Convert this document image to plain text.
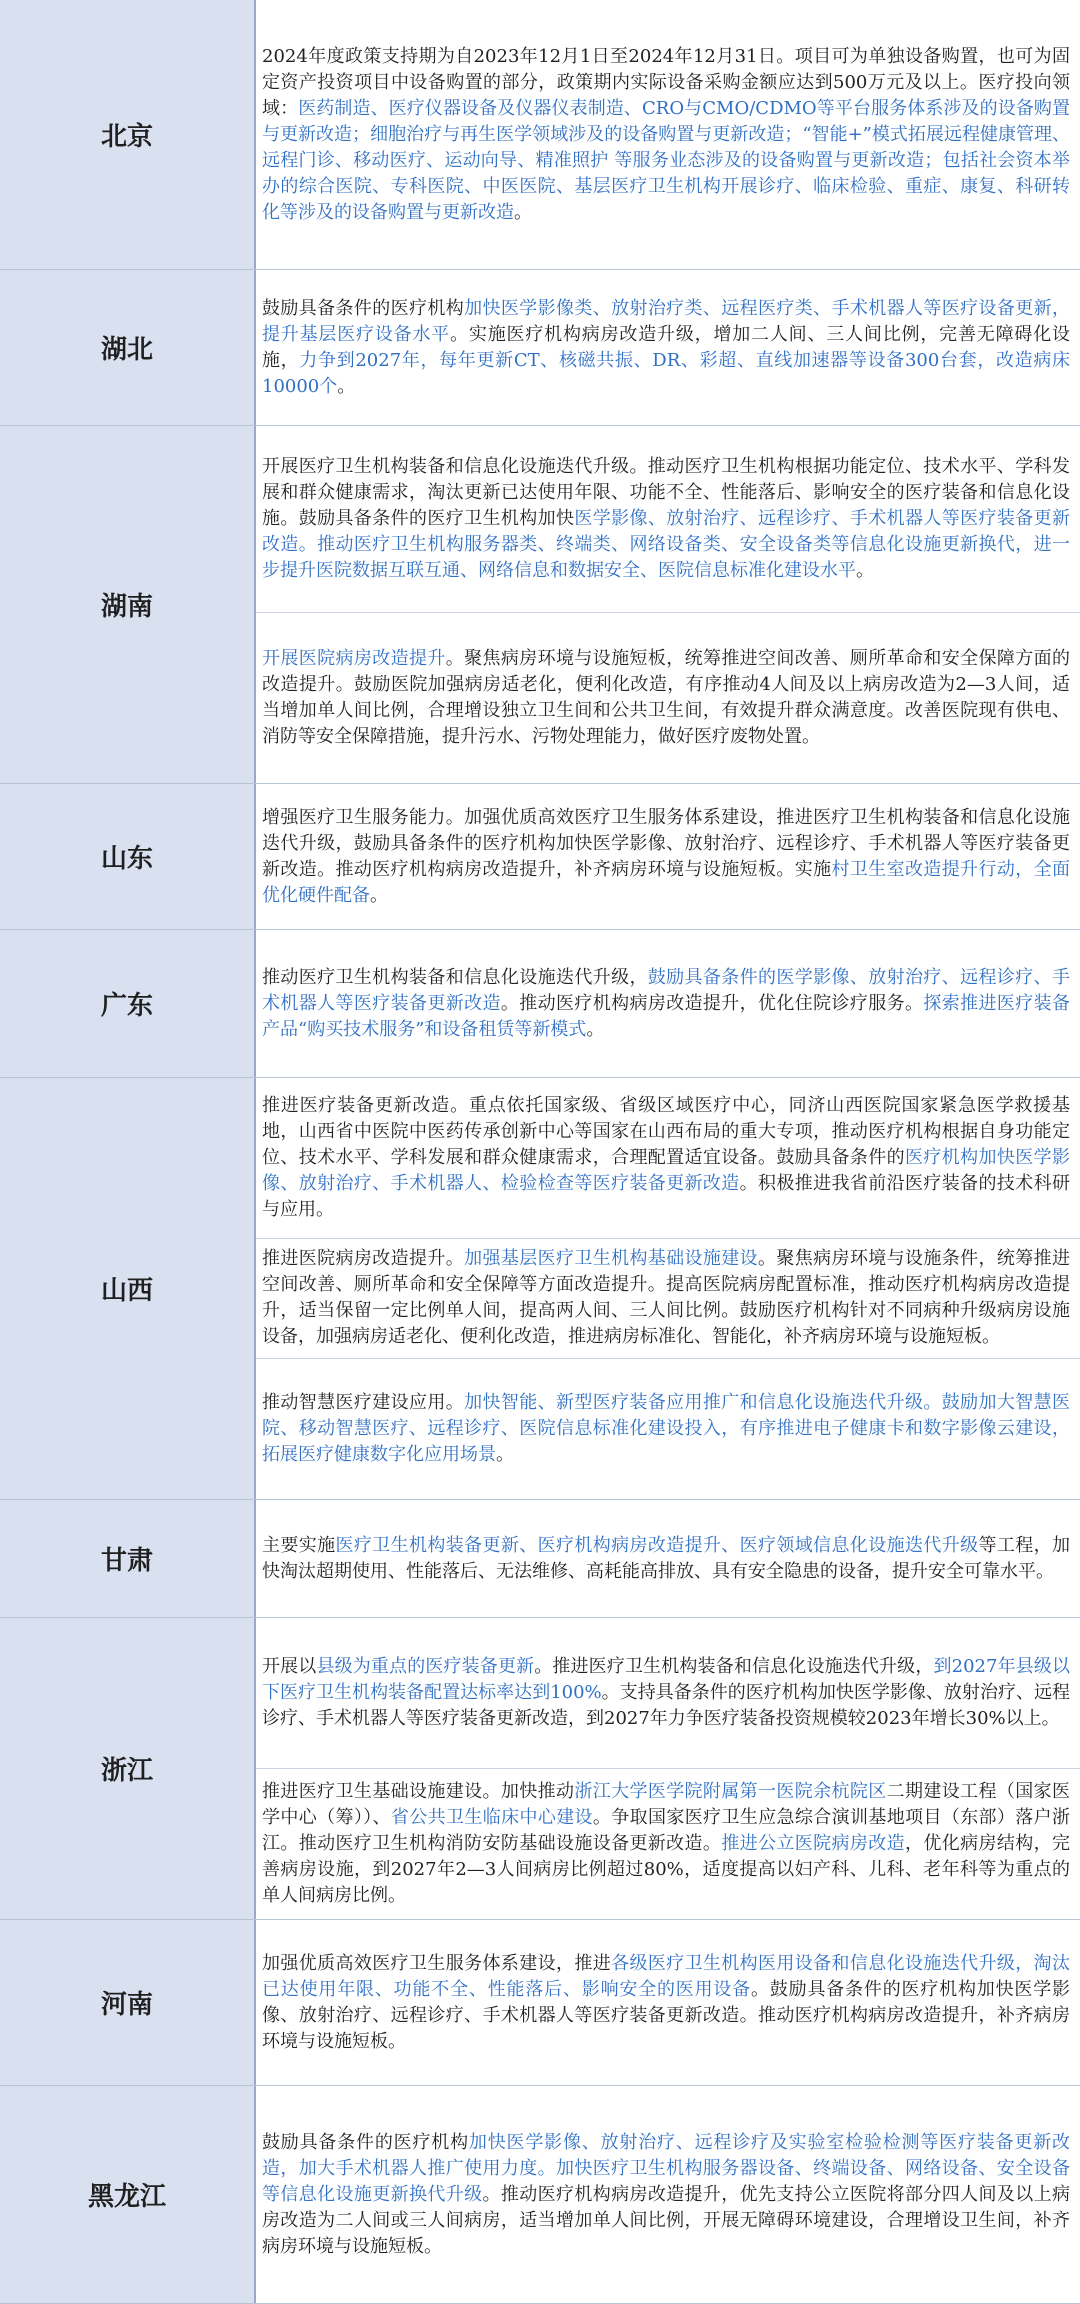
北京
2024年度政策支持期为自2023年12月1日至2024年12月31日。项目可为单独设备购置，也可为固定资产投资项目中设备购置的部分，政策期内实际设备采购金额应达到500万元及以上。医疗投向领域：医药制造、医疗仪器设备及仪器仪表制造、CRO与CMO/CDMO等平台服务体系涉及的设备购置与更新改造；细胞治疗与再生医学领域涉及的设备购置与更新改造；“智能+”模式拓展远程健康管理、远程门诊、移动医疗、运动向导、精准照护 等服务业态涉及的设备购置与更新改造；包括社会资本举办的综合医院、专科医院、中医医院、基层医疗卫生机构开展诊疗、临床检验、重症、康复、科研转化等涉及的设备购置与更新改造。
湖北
鼓励具备条件的医疗机构加快医学影像类、放射治疗类、远程医疗类、手术机器人等医疗设备更新，提升基层医疗设备水平。实施医疗机构病房改造升级，增加二人间、三人间比例，完善无障碍化设施，力争到2027年，每年更新CT、核磁共振、DR、彩超、直线加速器等设备300台套，改造病床10000个。
湖南
开展医疗卫生机构装备和信息化设施迭代升级。推动医疗卫生机构根据功能定位、技术水平、学科发展和群众健康需求，淘汰更新已达使用年限、功能不全、性能落后、影响安全的医疗装备和信息化设施。鼓励具备条件的医疗卫生机构加快医学影像、放射治疗、远程诊疗、手术机器人等医疗装备更新改造。推动医疗卫生机构服务器类、终端类、网络设备类、安全设备类等信息化设施更新换代，进一步提升医院数据互联互通、网络信息和数据安全、医院信息标准化建设水平。
开展医院病房改造提升。聚焦病房环境与设施短板，统筹推进空间改善、厕所革命和安全保障方面的改造提升。鼓励医院加强病房适老化，便利化改造，有序推动4人间及以上病房改造为2—3人间，适当增加单人间比例，合理增设独立卫生间和公共卫生间，有效提升群众满意度。改善医院现有供电、消防等安全保障措施，提升污水、污物处理能力，做好医疗废物处置。
山东
增强医疗卫生服务能力。加强优质高效医疗卫生服务体系建设，推进医疗卫生机构装备和信息化设施迭代升级，鼓励具备条件的医疗机构加快医学影像、放射治疗、远程诊疗、手术机器人等医疗装备更新改造。推动医疗机构病房改造提升，补齐病房环境与设施短板。实施村卫生室改造提升行动，全面优化硬件配备。
广东
推动医疗卫生机构装备和信息化设施迭代升级，鼓励具备条件的医学影像、放射治疗、远程诊疗、手术机器人等医疗装备更新改造。推动医疗机构病房改造提升，优化住院诊疗服务。探索推进医疗装备产品“购买技术服务”和设备租赁等新模式。
山西
推进医疗装备更新改造。重点依托国家级、省级区域医疗中心，同济山西医院国家紧急医学救援基地，山西省中医院中医药传承创新中心等国家在山西布局的重大专项，推动医疗机构根据自身功能定位、技术水平、学科发展和群众健康需求，合理配置适宜设备。鼓励具备条件的医疗机构加快医学影像、放射治疗、手术机器人、检验检查等医疗装备更新改造。积极推进我省前沿医疗装备的技术科研与应用。
推进医院病房改造提升。加强基层医疗卫生机构基础设施建设。聚焦病房环境与设施条件，统筹推进空间改善、厕所革命和安全保障等方面改造提升。提高医院病房配置标准，推动医疗机构病房改造提升，适当保留一定比例单人间，提高两人间、三人间比例。鼓励医疗机构针对不同病种升级病房设施设备，加强病房适老化、便利化改造，推进病房标准化、智能化，补齐病房环境与设施短板。
推动智慧医疗建设应用。加快智能、新型医疗装备应用推广和信息化设施迭代升级。鼓励加大智慧医院、移动智慧医疗、远程诊疗、医院信息标准化建设投入，有序推进电子健康卡和数字影像云建设，拓展医疗健康数字化应用场景。
甘肃
主要实施医疗卫生机构装备更新、医疗机构病房改造提升、医疗领域信息化设施迭代升级等工程，加快淘汰超期使用、性能落后、无法维修、高耗能高排放、具有安全隐患的设备，提升安全可靠水平。
浙江
开展以县级为重点的医疗装备更新。推进医疗卫生机构装备和信息化设施迭代升级，到2027年县级以下医疗卫生机构装备配置达标率达到100%。支持具备条件的医疗机构加快医学影像、放射治疗、远程诊疗、手术机器人等医疗装备更新改造，到2027年力争医疗装备投资规模较2023年增长30%以上。
推进医疗卫生基础设施建设。加快推动浙江大学医学院附属第一医院余杭院区二期建设工程（国家医学中心（筹））、省公共卫生临床中心建设。争取国家医疗卫生应急综合演训基地项目（东部）落户浙江。推动医疗卫生机构消防安防基础设施设备更新改造。推进公立医院病房改造，优化病房结构，完善病房设施，到2027年2—3人间病房比例超过80%，适度提高以妇产科、儿科、老年科等为重点的单人间病房比例。
河南
加强优质高效医疗卫生服务体系建设，推进各级医疗卫生机构医用设备和信息化设施迭代升级，淘汰已达使用年限、功能不全、性能落后、影响安全的医用设备。鼓励具备条件的医疗机构加快医学影像、放射治疗、远程诊疗、手术机器人等医疗装备更新改造。推动医疗机构病房改造提升，补齐病房环境与设施短板。
黑龙江
鼓励具备条件的医疗机构加快医学影像、放射治疗、远程诊疗及实验室检验检测等医疗装备更新改造，加大手术机器人推广使用力度。加快医疗卫生机构服务器设备、终端设备、网络设备、安全设备等信息化设施更新换代升级。推动医疗机构病房改造提升，优先支持公立医院将部分四人间及以上病房改造为二人间或三人间病房，适当增加单人间比例，开展无障碍环境建设，合理增设卫生间，补齐病房环境与设施短板。
